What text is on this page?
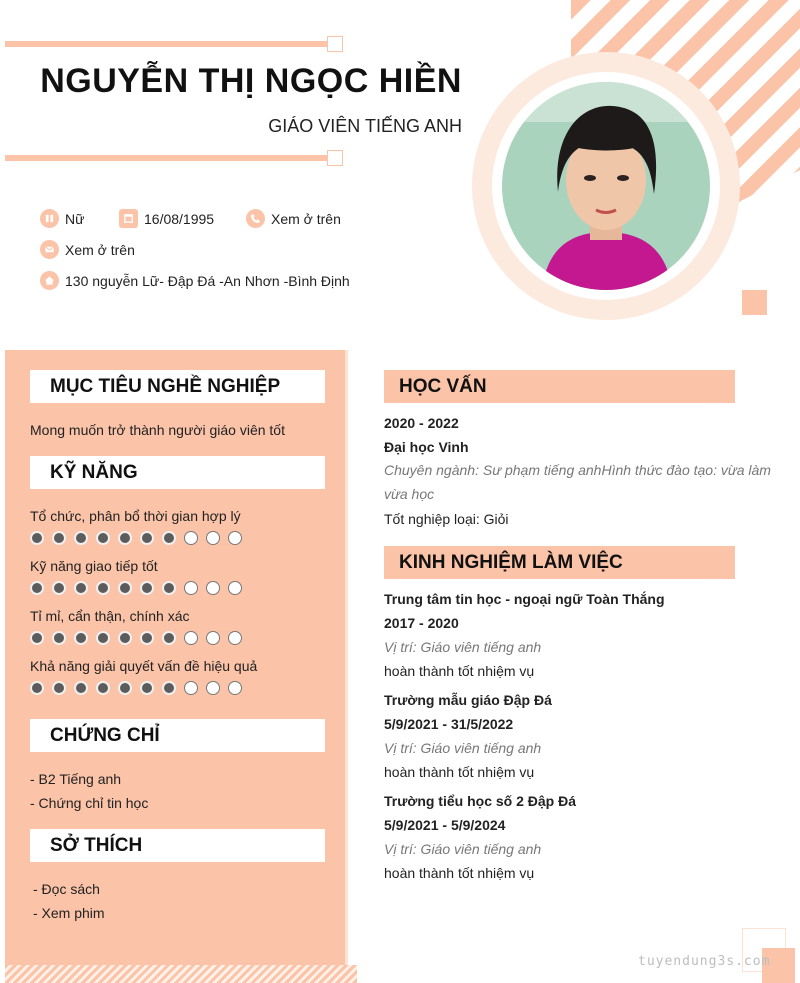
NGUYỄN THỊ NGỌC HIỀN
GIÁO VIÊN TIẾNG ANH
Nữ	16/08/1995	Xem ở trên
Xem ở trên
130 nguyễn Lữ- Đập Đá -An Nhơn -Bình Định
MỤC TIÊU NGHỀ NGHIỆP
Mong muốn trở thành người giáo viên tốt
KỸ NĂNG
Tổ chức, phân bổ thời gian hợp lý
Kỹ năng giao tiếp tốt
Tỉ mỉ, cẩn thận, chính xác
Khả năng giải quyết vấn đề hiệu quả
CHỨNG CHỈ
- B2 Tiếng anh
- Chứng chỉ tin học
SỞ THÍCH
- Đọc sách
- Xem phim
HỌC VẤN
2020 - 2022
Đại học Vinh
Chuyên ngành: Sư phạm tiếng anhHình thức đào tạo: vừa làm vừa học
Tốt nghiệp loại: Giỏi
KINH NGHIỆM LÀM VIỆC
Trung tâm tin học - ngoại ngữ Toàn Thắng
2017 - 2020
Vị trí: Giáo viên tiếng anh
hoàn thành tốt nhiệm vụ
Trường mẫu giáo Đập Đá
5/9/2021 - 31/5/2022
Vị trí: Giáo viên tiếng anh
hoàn thành tốt nhiệm vụ
Trường tiểu học số 2 Đập Đá
5/9/2021 - 5/9/2024
Vị trí: Giáo viên tiếng anh
hoàn thành tốt nhiệm vụ
tuyendung3s.com
